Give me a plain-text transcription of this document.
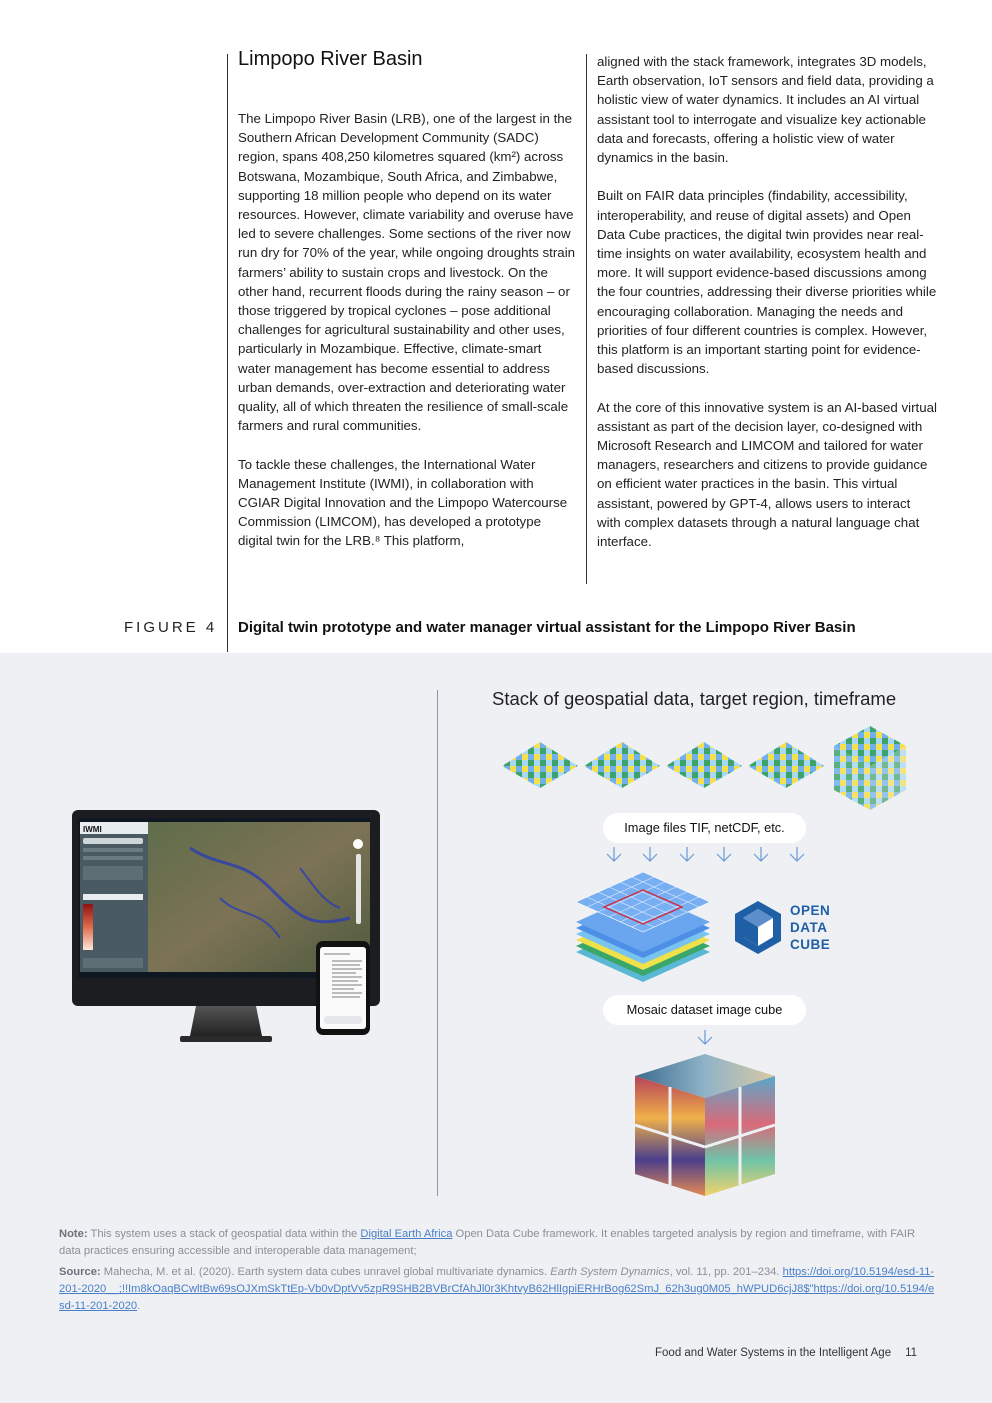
Limpopo River Basin

The Limpopo River Basin (LRB), one of the largest in the Southern African Development Community (SADC) region, spans 408,250 kilometres squared (km²) across Botswana, Mozambique, South Africa, and Zimbabwe, supporting 18 million people who depend on its water resources. However, climate variability and overuse have led to severe challenges. Some sections of the river now run dry for 70% of the year, while ongoing droughts strain farmers’ ability to sustain crops and livestock. On the other hand, recurrent floods during the rainy season – or those triggered by tropical cyclones – pose additional challenges for agricultural sustainability and other uses, particularly in Mozambique. Effective, climate-smart water management has become essential to address urban demands, over-extraction and deteriorating water quality, all of which threaten the resilience of small-scale farmers and rural communities.

To tackle these challenges, the International Water Management Institute (IWMI), in collaboration with CGIAR Digital Innovation and the Limpopo Watercourse Commission (LIMCOM), has developed a prototype digital twin for the LRB.⁸ This platform,

aligned with the stack framework, integrates 3D models, Earth observation, IoT sensors and field data, providing a holistic view of water dynamics. It includes an AI virtual assistant tool to interrogate and visualize key actionable data and forecasts, offering a holistic view of water dynamics in the basin.

Built on FAIR data principles (findability, accessibility, interoperability, and reuse of digital assets) and Open Data Cube practices, the digital twin provides near real-time insights on water availability, ecosystem health and more. It will support evidence-based discussions among the four countries, addressing their diverse priorities while encouraging collaboration. Managing the needs and priorities of four different countries is complex. However, this platform is an important starting point for evidence-based discussions.

At the core of this innovative system is an AI-based virtual assistant as part of the decision layer, co-designed with Microsoft Research and LIMCOM and tailored for water managers, researchers and citizens to provide guidance on efficient water practices in the basin. This virtual assistant, powered by GPT-4, allows users to interact with complex datasets through a natural language chat interface.

FIGURE 4 Digital twin prototype and water manager virtual assistant for the Limpopo River Basin
IWMI
Stack of geospatial data, target region, timeframe
Image files TIF, netCDF, etc.
OPEN
DATA
CUBE
Mosaic dataset image cube
Note: This system uses a stack of geospatial data within the Digital Earth Africa Open Data Cube framework. It enables targeted analysis by region and timeframe, with FAIR data practices ensuring accessible and interoperable data management;
Source: Mahecha, M. et al. (2020). Earth system data cubes unravel global multivariate dynamics. Earth System Dynamics, vol. 11, pp. 201–234. https://doi.org/10.5194/esd-11-201-2020__;!!Im8kOaqBCwltBw69sOJXmSkTtEp-Vb0vDptVv5zpR9SHB2BVBrCfAhJl0r3KhtvyB62HlIgpiERHrBog62SmJ_62h3ug0M05_hWPUD6cjJ8$"https://doi.org/10.5194/esd-11-201-2020.
Food and Water Systems in the Intelligent Age 11
